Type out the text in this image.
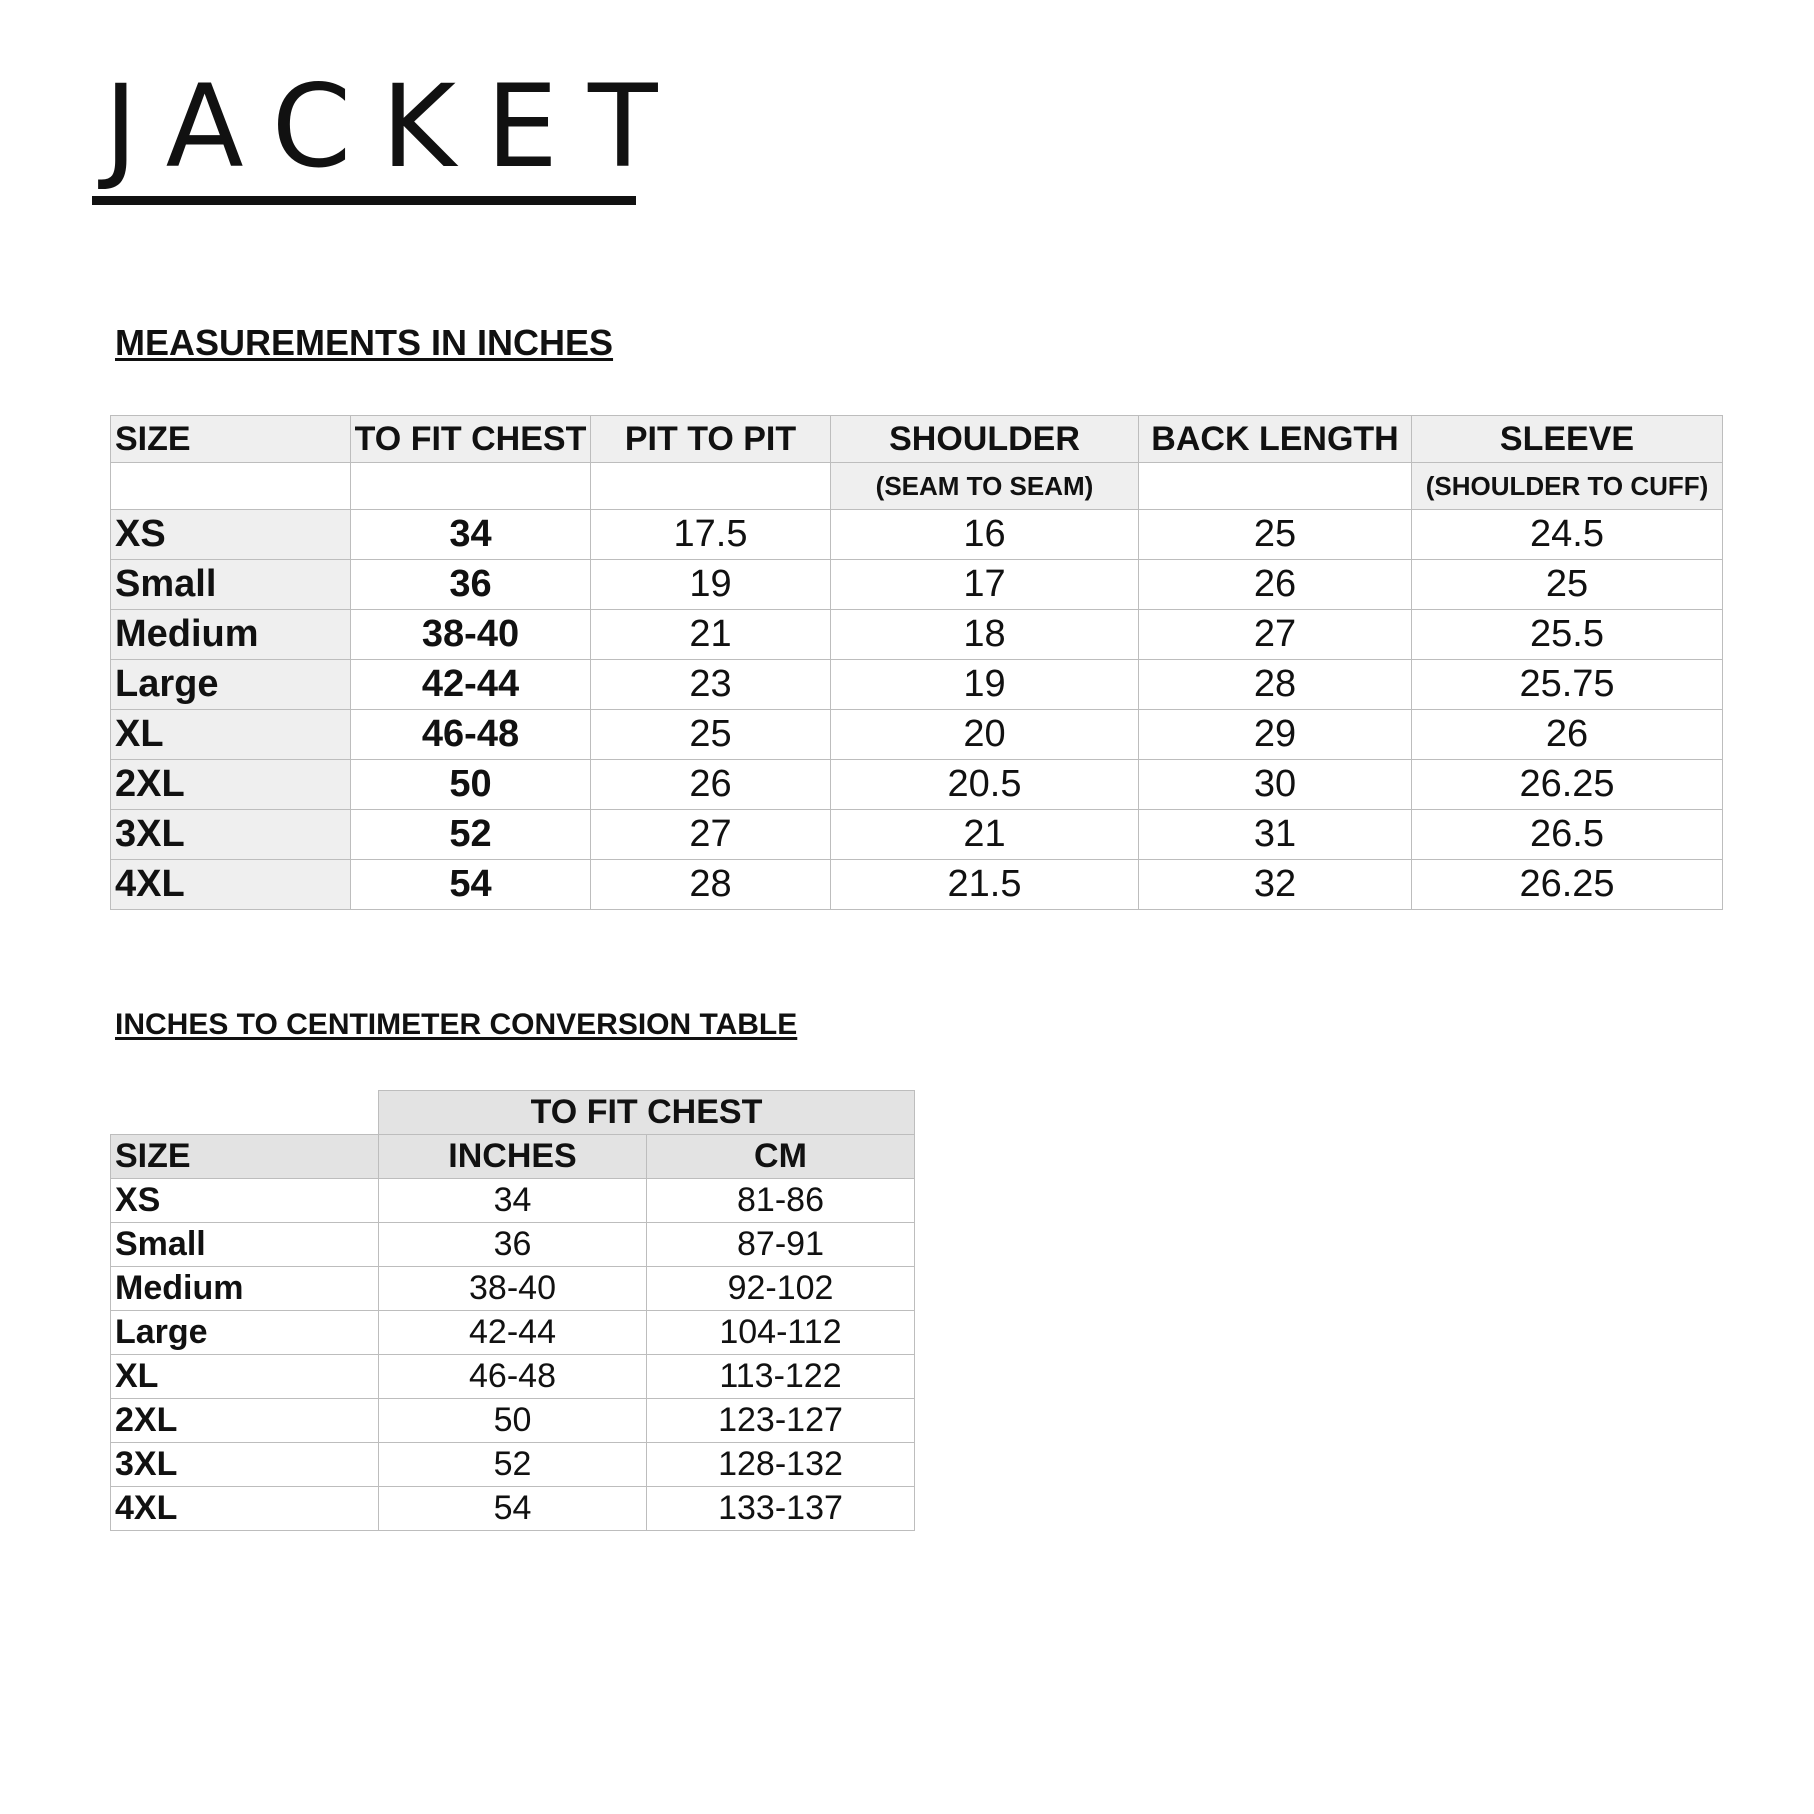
JACKET
MEASUREMENTS IN INCHES
SIZE	TO FIT CHEST	PIT TO PIT	SHOULDER	BACK LENGTH	SLEEVE
			(SEAM TO SEAM)		(SHOULDER TO CUFF)
XS	34	17.5	16	25	24.5
Small	36	19	17	26	25
Medium	38-40	21	18	27	25.5
Large	42-44	23	19	28	25.75
XL	46-48	25	20	29	26
2XL	50	26	20.5	30	26.25
3XL	52	27	21	31	26.5
4XL	54	28	21.5	32	26.25
INCHES TO CENTIMETER CONVERSION TABLE
	TO FIT CHEST	
SIZE	INCHES	CM
XS	34	81-86
Small	36	87-91
Medium	38-40	92-102
Large	42-44	104-112
XL	46-48	113-122
2XL	50	123-127
3XL	52	128-132
4XL	54	133-137
